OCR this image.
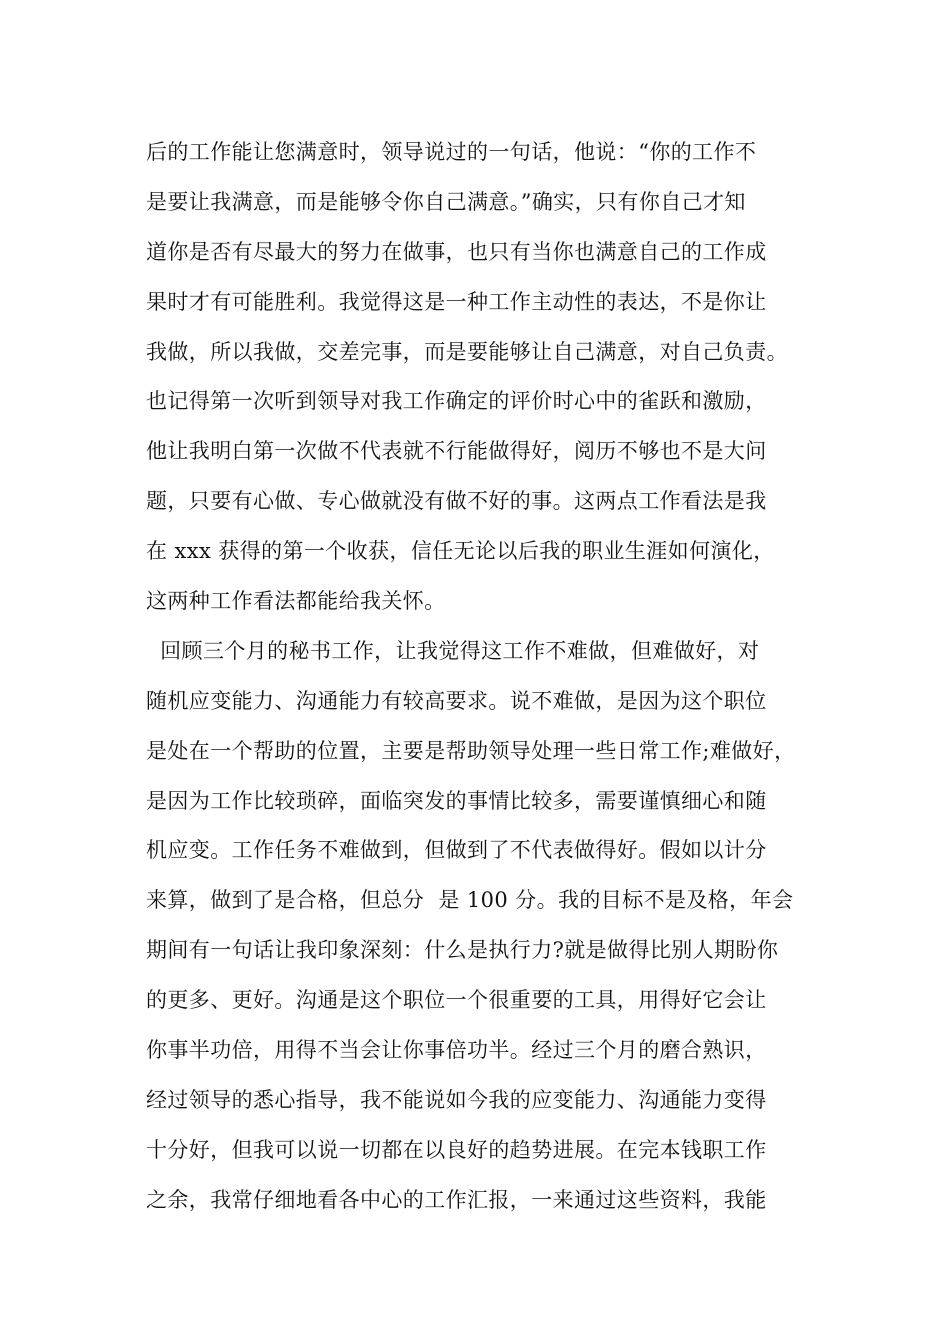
后的工作能让您满意时，领导说过的一句话，他说：“你的工作不
是要让我满意，而是能够令你自己满意。”确实，只有你自己才知
道你是否有尽最大的努力在做事，也只有当你也满意自己的工作成
果时才有可能胜利。我觉得这是一种工作主动性的表达，不是你让
我做，所以我做，交差完事，而是要能够让自己满意，对自己负责。
也记得第一次听到领导对我工作确定的评价时心中的雀跃和激励，
他让我明白第一次做不代表就不行能做得好，阅历不够也不是大问
题，只要有心做、专心做就没有做不好的事。这两点工作看法是我
在 xxx 获得的第一个收获，信任无论以后我的职业生涯如何演化，
这两种工作看法都能给我关怀。
回顾三个月的秘书工作，让我觉得这工作不难做，但难做好，对
随机应变能力、沟通能力有较高要求。说不难做，是因为这个职位
是处在一个帮助的位置，主要是帮助领导处理一些日常工作;难做好，
是因为工作比较琐碎，面临突发的事情比较多，需要谨慎细心和随
机应变。工作任务不难做到，但做到了不代表做得好。假如以计分
来算，做到了是合格，但总分  是 100 分。我的目标不是及格，年会
期间有一句话让我印象深刻：什么是执行力?就是做得比别人期盼你
的更多、更好。沟通是这个职位一个很重要的工具，用得好它会让
你事半功倍，用得不当会让你事倍功半。经过三个月的磨合熟识，
经过领导的悉心指导，我不能说如今我的应变能力、沟通能力变得
十分好，但我可以说一切都在以良好的趋势进展。在完本钱职工作
之余，我常仔细地看各中心的工作汇报，一来通过这些资料，我能
